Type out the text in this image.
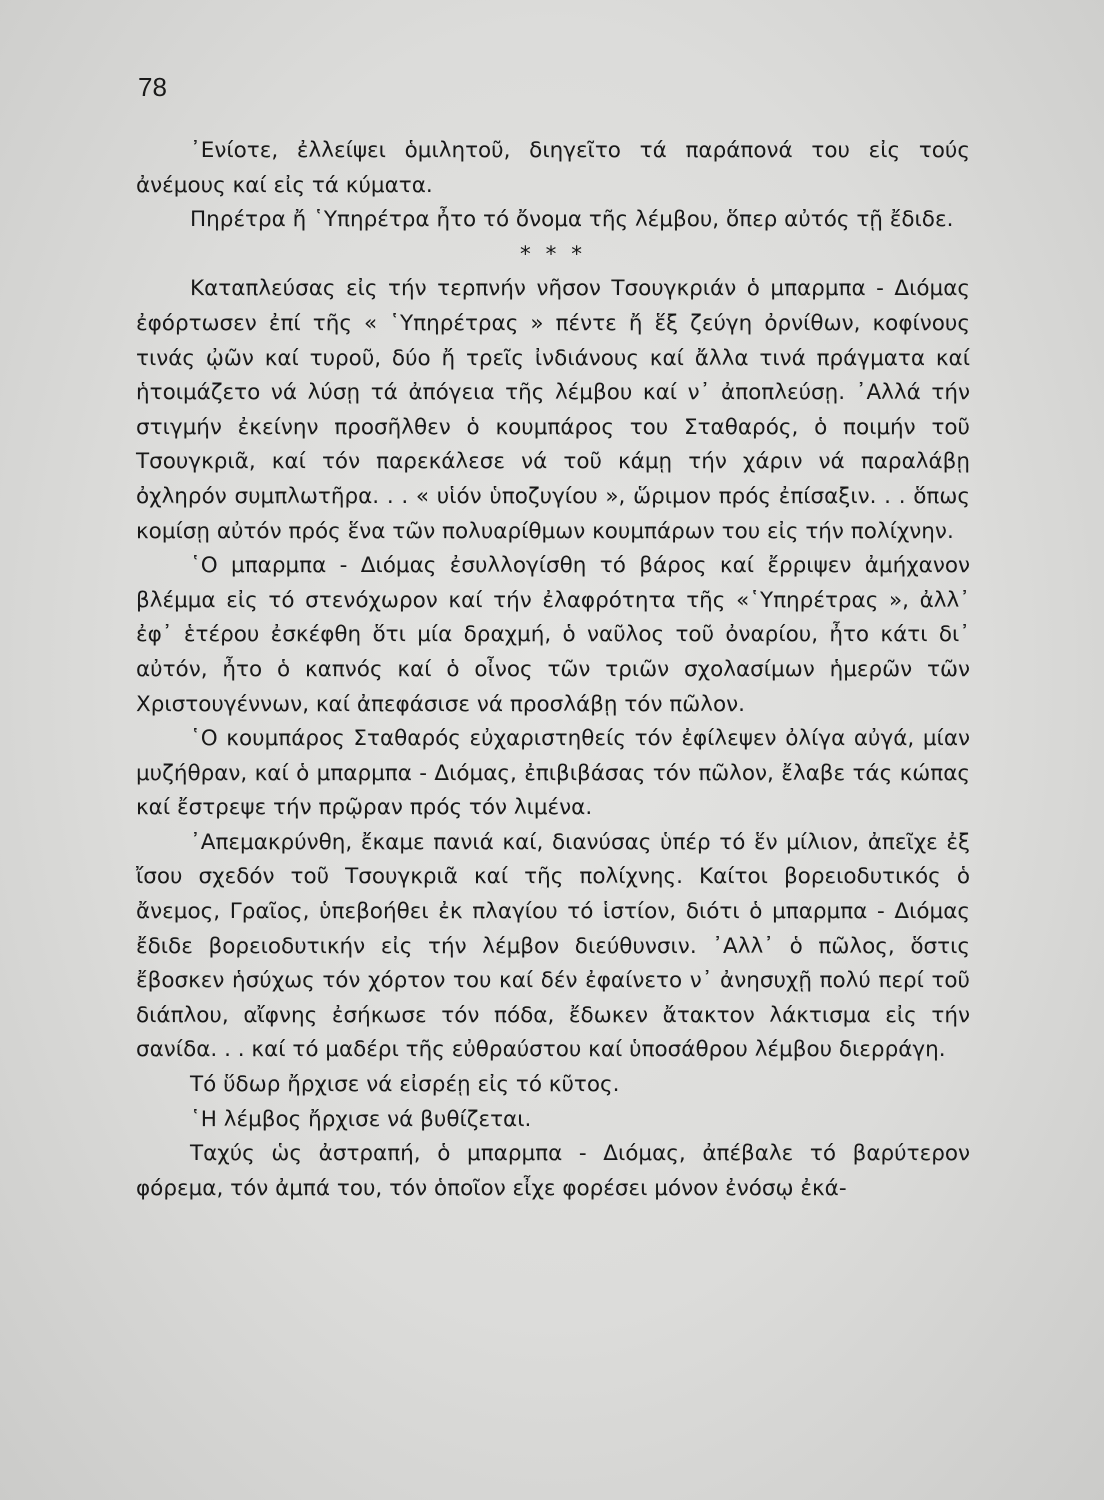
78

᾿Ενίοτε, ἐλλείψει ὁμιλητοῦ, διηγεῖτο τά παράπονά του εἰς τούς ἀνέμους καί εἰς τά κύματα.

Πηρέτρα ἤ ῾Υπηρέτρα ἦτο τό ὄνομα τῆς λέμβου, ὅπερ αὐτός τῇ ἔδιδε.

* * *

Καταπλεύσας εἰς τήν τερπνήν νῆσον Τσουγκριάν ὁ μπαρμπα - Διόμας ἐφόρτωσεν ἐπί τῆς « ῾Υπηρέτρας » πέντε ἤ ἕξ ζεύγη ὀρνίθων, κοφίνους τινάς ᾠῶν καί τυροῦ, δύο ἤ τρεῖς ἰνδιάνους καί ἄλλα τινά πράγματα καί ἡτοιμάζετο νά λύσῃ τά ἀπόγεια τῆς λέμβου καί ν᾿ ἀποπλεύσῃ. ᾿Αλλά τήν στιγμήν ἐκείνην προσῆλθεν ὁ κουμπάρος του Σταθαρός, ὁ ποιμήν τοῦ Τσουγκριᾶ, καί τόν παρεκάλεσε νά τοῦ κάμῃ τήν χάριν νά παραλάβῃ ὀχληρόν συμπλωτῆρα. . . « υἱόν ὑποζυγίου », ὥριμον πρός ἐπίσαξιν. . . ὅπως κομίσῃ αὐτόν πρός ἕνα τῶν πολυαρίθμων κουμπάρων του εἰς τήν πολίχνην.

῾Ο μπαρμπα - Διόμας ἐσυλλογίσθη τό βάρος καί ἔρριψεν ἀμήχανον βλέμμα εἰς τό στενόχωρον καί τήν ἐλαφρότητα τῆς «῾Υπηρέτρας », ἀλλ᾿ ἐφ᾿ ἑτέρου ἐσκέφθη ὅτι μία δραχμή, ὁ ναῦλος τοῦ ὀναρίου, ἦτο κάτι δι᾿ αὐτόν, ἦτο ὁ καπνός καί ὁ οἶνος τῶν τριῶν σχολασίμων ἡμερῶν τῶν Χριστουγέννων, καί ἀπεφάσισε νά προσλάβῃ τόν πῶλον.

῾Ο κουμπάρος Σταθαρός εὐχαριστηθείς τόν ἐφίλεψεν ὀλίγα αὐγά, μίαν μυζήθραν, καί ὁ μπαρμπα - Διόμας, ἐπιβιβάσας τόν πῶλον, ἔλαβε τάς κώπας καί ἔστρεψε τήν πρῷραν πρός τόν λιμένα.

᾿Απεμακρύνθη, ἔκαμε πανιά καί, διανύσας ὑπέρ τό ἕν μίλιον, ἀπεῖχε ἐξ ἴσου σχεδόν τοῦ Τσουγκριᾶ καί τῆς πολίχνης. Καίτοι βορειοδυτικός ὁ ἄνεμος, Γραῖος, ὑπεβοήθει ἐκ πλαγίου τό ἱστίον, διότι ὁ μπαρμπα - Διόμας ἔδιδε βορειοδυτικήν εἰς τήν λέμβον διεύθυνσιν. ᾿Αλλ᾿ ὁ πῶλος, ὅστις ἔβοσκεν ἡσύχως τόν χόρτον του καί δέν ἐφαίνετο ν᾿ ἀνησυχῇ πολύ περί τοῦ διάπλου, αἴφνης ἐσήκωσε τόν πόδα, ἔδωκεν ἄτακτον λάκτισμα εἰς τήν σανίδα. . . καί τό μαδέρι τῆς εὐθραύστου καί ὑποσάθρου λέμβου διερράγη.

Τό ὕδωρ ἤρχισε νά εἰσρέῃ εἰς τό κῦτος.

῾Η λέμβος ἤρχισε νά βυθίζεται.

Ταχύς ὡς ἀστραπή, ὁ μπαρμπα - Διόμας, ἀπέβαλε τό βαρύτερον φόρεμα, τόν ἀμπά του, τόν ὁποῖον εἶχε φορέσει μόνον ἐνόσῳ ἐκά-
